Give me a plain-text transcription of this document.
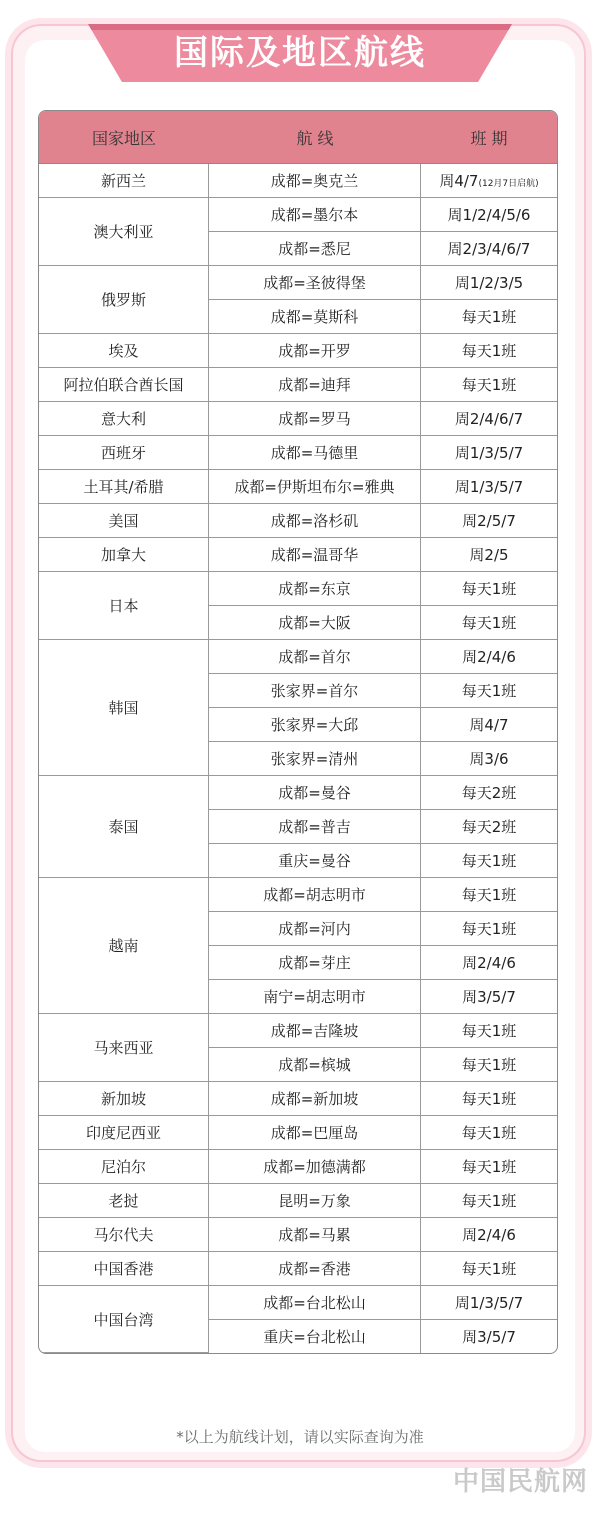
国际及地区航线
国家地区	航 线	班 期
新西兰	成都=奥克兰	周4/7(12月7日启航)
澳大利亚	成都=墨尔本	周1/2/4/5/6
	成都=悉尼	周2/3/4/6/7
俄罗斯	成都=圣彼得堡	周1/2/3/5
	成都=莫斯科	每天1班
埃及	成都=开罗	每天1班
阿拉伯联合酋长国	成都=迪拜	每天1班
意大利	成都=罗马	周2/4/6/7
西班牙	成都=马德里	周1/3/5/7
土耳其/希腊	成都=伊斯坦布尔=雅典	周1/3/5/7
美国	成都=洛杉矶	周2/5/7
加拿大	成都=温哥华	周2/5
日本	成都=东京	每天1班
	成都=大阪	每天1班
韩国	成都=首尔	周2/4/6
	张家界=首尔	每天1班
	张家界=大邱	周4/7
	张家界=清州	周3/6
泰国	成都=曼谷	每天2班
	成都=普吉	每天2班
	重庆=曼谷	每天1班
越南	成都=胡志明市	每天1班
	成都=河内	每天1班
	成都=芽庄	周2/4/6
	南宁=胡志明市	周3/5/7
马来西亚	成都=吉隆坡	每天1班
	成都=槟城	每天1班
新加坡	成都=新加坡	每天1班
印度尼西亚	成都=巴厘岛	每天1班
尼泊尔	成都=加德满都	每天1班
老挝	昆明=万象	每天1班
马尔代夫	成都=马累	周2/4/6
中国香港	成都=香港	每天1班
中国台湾	成都=台北松山	周1/3/5/7
	重庆=台北松山	周3/5/7
*以上为航线计划，请以实际查询为准
中国民航网
